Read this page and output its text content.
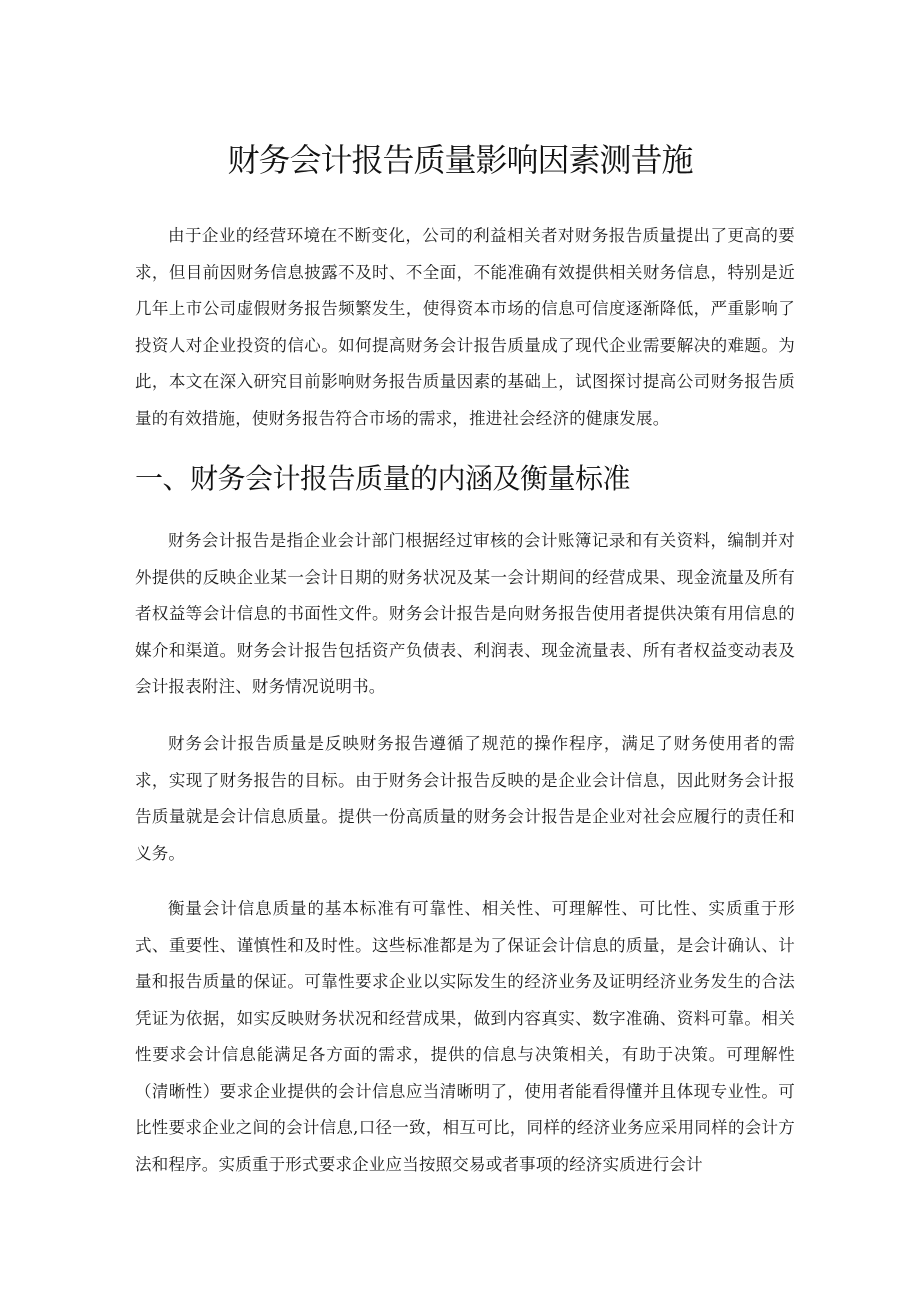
财务会计报告质量影响因素测昔施

由于企业的经营环境在不断变化，公司的利益相关者对财务报告质量提出了更高的要求，但目前因财务信息披露不及时、不全面，不能准确有效提供相关财务信息，特别是近几年上市公司虚假财务报告频繁发生，使得资本市场的信息可信度逐渐降低，严重影响了投资人对企业投资的信心。如何提高财务会计报告质量成了现代企业需要解决的难题。为此，本文在深入研究目前影响财务报告质量因素的基础上，试图探讨提高公司财务报告质量的有效措施，使财务报告符合市场的需求，推进社会经济的健康发展。

一、财务会计报告质量的内涵及衡量标准

财务会计报告是指企业会计部门根据经过审核的会计账簿记录和有关资料，编制并对外提供的反映企业某一会计日期的财务状况及某一会计期间的经营成果、现金流量及所有者权益等会计信息的书面性文件。财务会计报告是向财务报告使用者提供决策有用信息的媒介和渠道。财务会计报告包括资产负债表、利润表、现金流量表、所有者权益变动表及会计报表附注、财务情况说明书。

财务会计报告质量是反映财务报告遵循了规范的操作程序，满足了财务使用者的需求，实现了财务报告的目标。由于财务会计报告反映的是企业会计信息，因此财务会计报告质量就是会计信息质量。提供一份高质量的财务会计报告是企业对社会应履行的责任和义务。

衡量会计信息质量的基本标准有可靠性、相关性、可理解性、可比性、实质重于形式、重要性、谨慎性和及时性。这些标准都是为了保证会计信息的质量，是会计确认、计量和报告质量的保证。可靠性要求企业以实际发生的经济业务及证明经济业务发生的合法凭证为依据，如实反映财务状况和经营成果，做到内容真实、数字准确、资料可靠。相关性要求会计信息能满足各方面的需求，提供的信息与决策相关，有助于决策。可理解性（清晰性）要求企业提供的会计信息应当清晰明了，使用者能看得懂并且体现专业性。可比性要求企业之间的会计信息,口径一致，相互可比，同样的经济业务应采用同样的会计方法和程序。实质重于形式要求企业应当按照交易或者事项的经济实质进行会计
